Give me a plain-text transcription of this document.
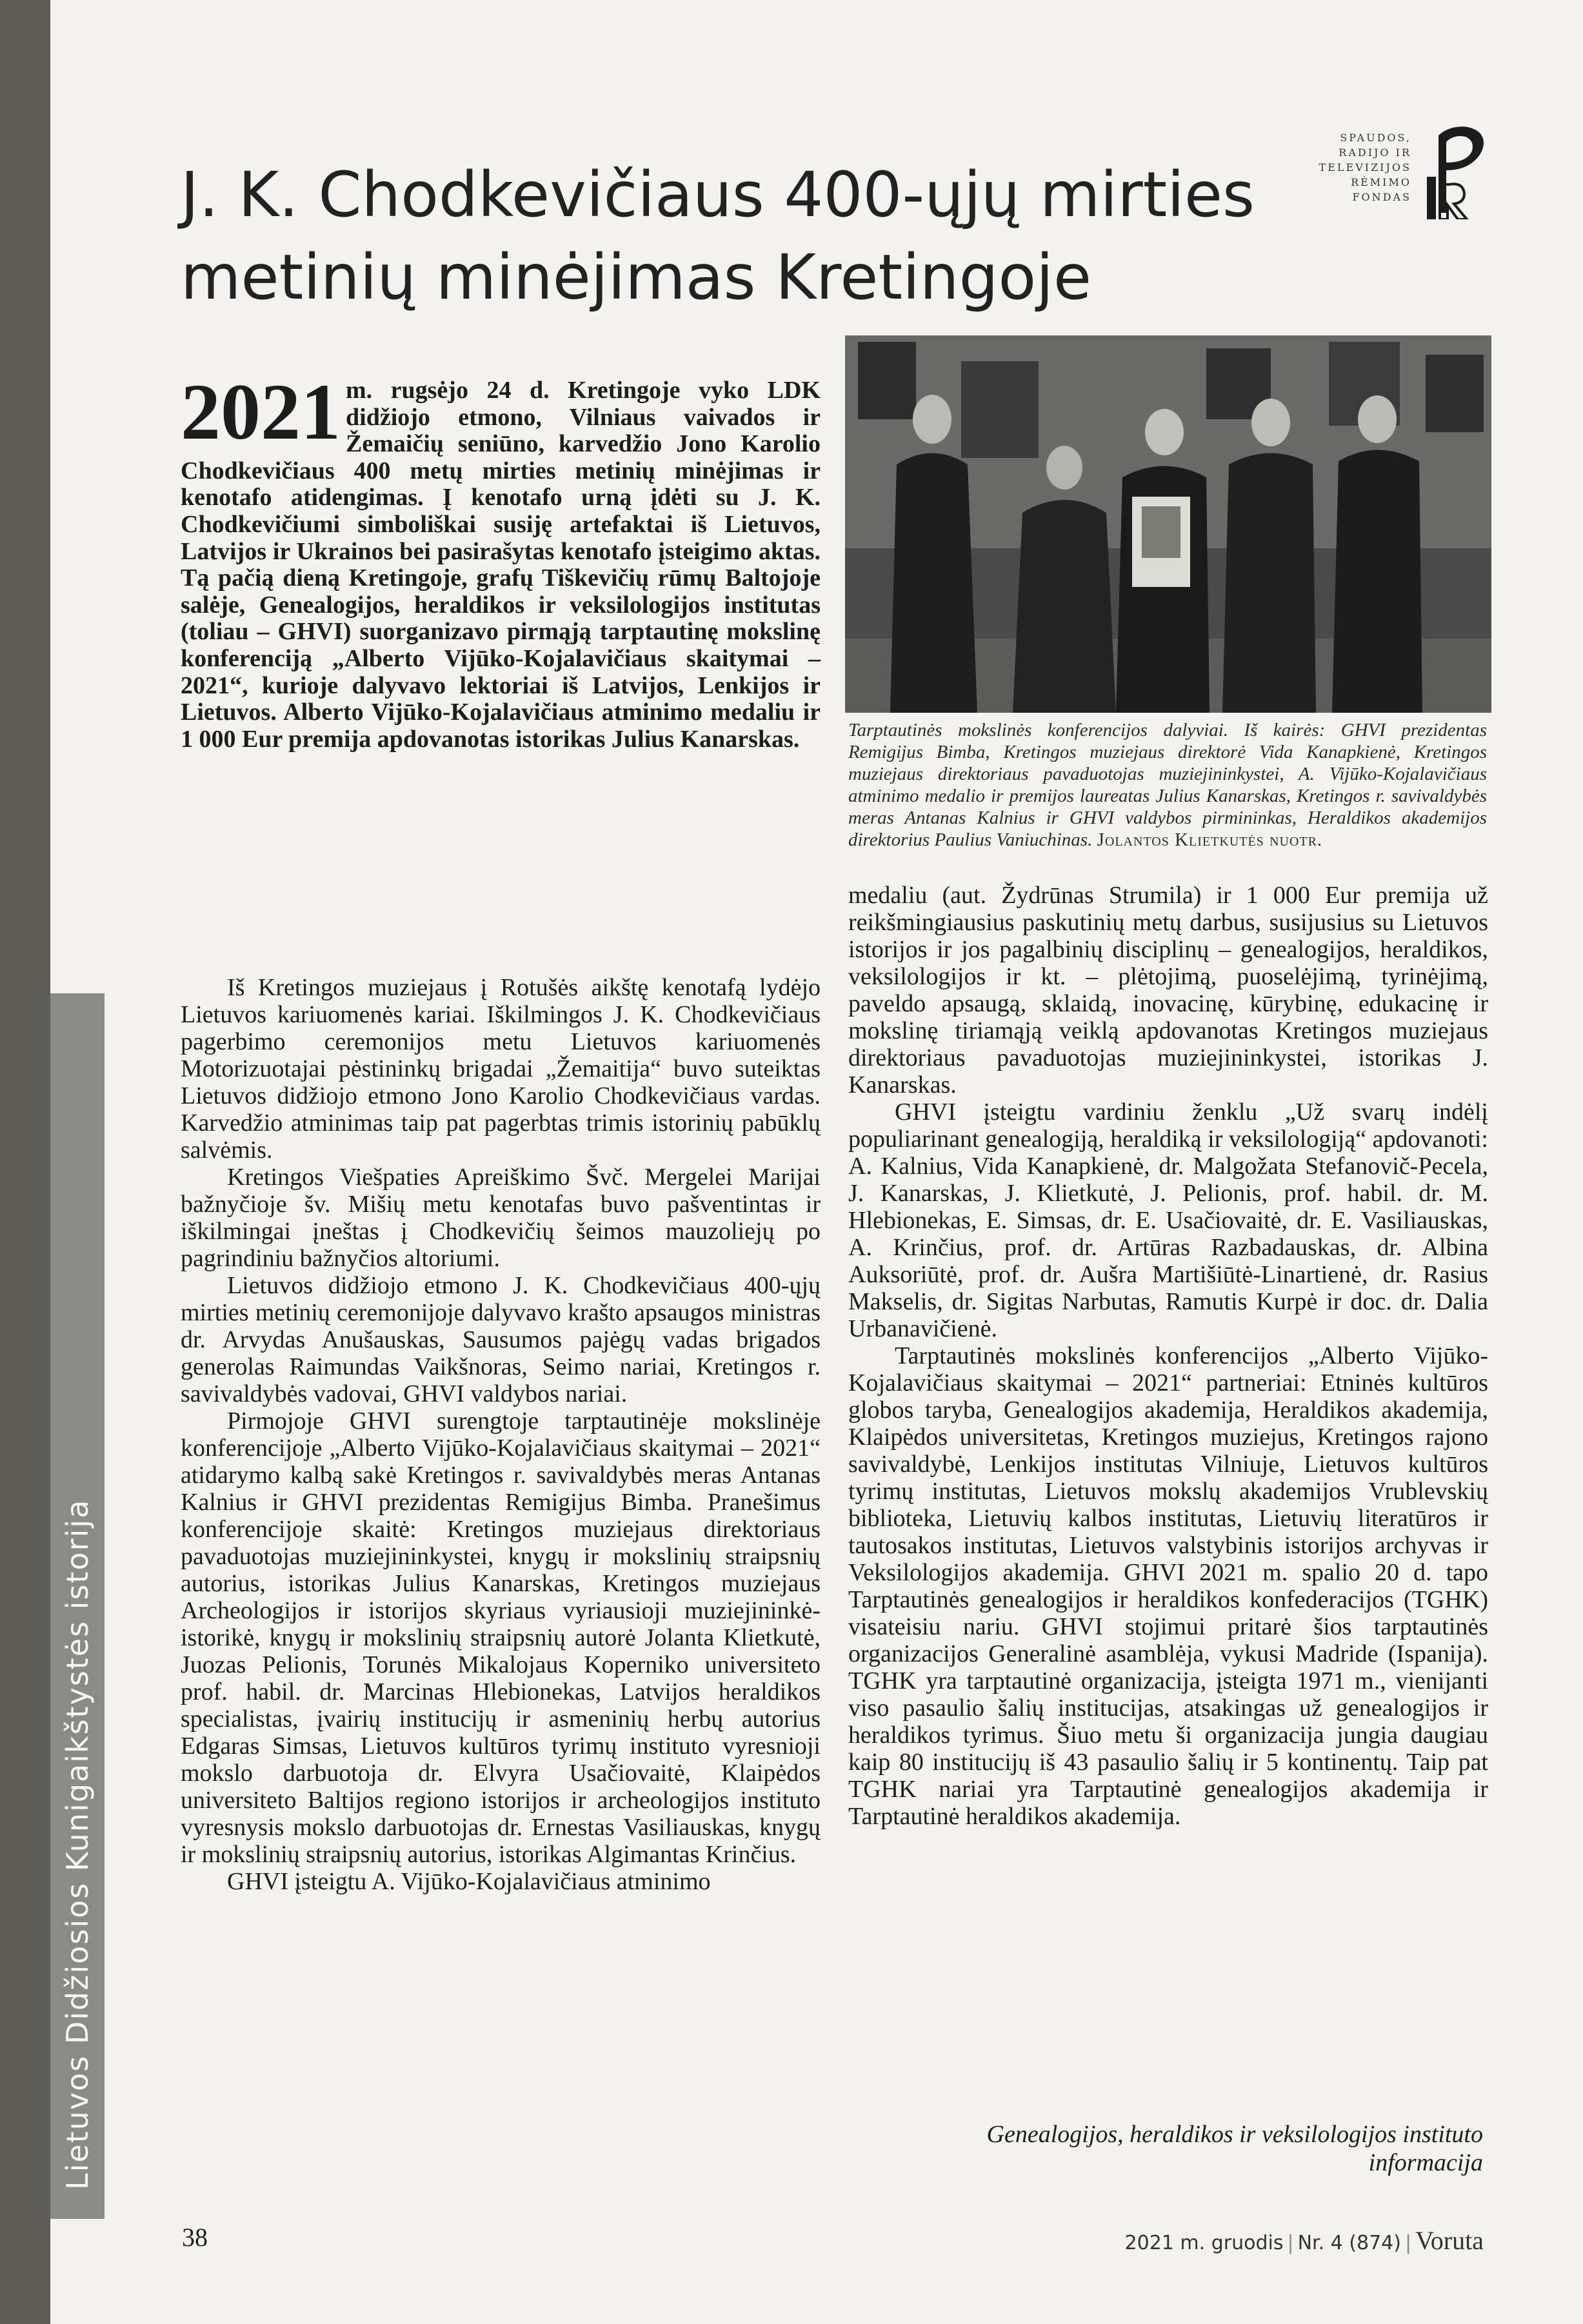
Lietuvos Didžiosios Kunigaikštystės istorija
J. K. Chodkevičiaus 400-ųjų mirties
metinių minėjimas Kretingoje
SPAUDOS,
RADIJO IR
TELEVIZIJOS
RĖMIMO
FONDAS
Tarptautinės mokslinės konferencijos dalyviai. Iš kairės: GHVI prezidentas Remigijus Bimba, Kretingos muziejaus direktorė Vida Kanapkienė, Kretingos muziejaus direktoriaus pavaduotojas muziejininkystei, A. Vijūko-Kojalavičiaus atminimo medalio ir premijos laureatas Julius Kanarskas, Kretingos r. savivaldybės meras Antanas Kalnius ir GHVI valdybos pirmininkas, Heraldikos akademijos direktorius Paulius Vaniuchinas. Jolantos Klietkutės nuotr.
2021 m. rugsėjo 24 d. Kretingoje vyko LDK didžiojo etmono, Vilniaus vaivados ir Žemaičių seniūno, karvedžio Jono Karolio Chodkevičiaus 400 metų mirties metinių minėjimas ir kenotafo atidengimas. Į kenotafo urną įdėti su J. K. Chodkevičiumi simboliškai susiję artefaktai iš Lietuvos, Latvijos ir Ukrainos bei pasirašytas kenotafo įsteigimo aktas. Tą pačią dieną Kretingoje, grafų Tiškevičių rūmų Baltojoje salėje, Genealogijos, heraldikos ir veksilologijos institutas (toliau – GHVI) suorganizavo pirmąją tarptautinę mokslinę konferenciją „Alberto Vijūko-Kojalavičiaus skaitymai – 2021“, kurioje dalyvavo lektoriai iš Latvijos, Lenkijos ir Lietuvos. Alberto Vijūko-Kojalavičiaus atminimo medaliu ir 1 000 Eur premija apdovanotas istorikas Julius Kanarskas.

Iš Kretingos muziejaus į Rotušės aikštę kenotafą lydėjo Lietuvos kariuomenės kariai. Iškilmingos J. K. Chodkevičiaus pagerbimo ceremonijos metu Lietuvos kariuomenės Motorizuotajai pėstininkų brigadai „Žemaitija“ buvo suteiktas Lietuvos didžiojo etmono Jono Karolio Chodkevičiaus vardas. Karvedžio atminimas taip pat pagerbtas trimis istorinių pabūklų salvėmis.

Kretingos Viešpaties Apreiškimo Švč. Mergelei Marijai bažnyčioje šv. Mišių metu kenotafas buvo pašventintas ir iškilmingai įneštas į Chodkevičių šeimos mauzoliejų po pagrindiniu bažnyčios altoriumi.

Lietuvos didžiojo etmono J. K. Chodkevičiaus 400-ųjų mirties metinių ceremonijoje dalyvavo krašto apsaugos ministras dr. Arvydas Anušauskas, Sausumos pajėgų vadas brigados generolas Raimundas Vaikšnoras, Seimo nariai, Kretingos r. savivaldybės vadovai, GHVI valdybos nariai.

Pirmojoje GHVI surengtoje tarptautinėje mokslinėje konferencijoje „Alberto Vijūko-Kojalavičiaus skaitymai – 2021“ atidarymo kalbą sakė Kretingos r. savivaldybės meras Antanas Kalnius ir GHVI prezidentas Remigijus Bimba. Pranešimus konferencijoje skaitė: Kretingos muziejaus direktoriaus pavaduotojas muziejininkystei, knygų ir mokslinių straipsnių autorius, istorikas Julius Kanarskas, Kretingos muziejaus Archeologijos ir istorijos skyriaus vyriausioji muziejininkė-istorikė, knygų ir mokslinių straipsnių autorė Jolanta Klietkutė, Juozas Pelionis, Torunės Mikalojaus Koperniko universiteto prof. habil. dr. Marcinas Hlebionekas, Latvijos heraldikos specialistas, įvairių institucijų ir asmeninių herbų autorius Edgaras Simsas, Lietuvos kultūros tyrimų instituto vyresnioji mokslo darbuotoja dr. Elvyra Usačiovaitė, Klaipėdos universiteto Baltijos regiono istorijos ir archeologijos instituto vyresnysis mokslo darbuotojas dr. Ernestas Vasiliauskas, knygų ir mokslinių straipsnių autorius, istorikas Algimantas Krinčius.

GHVI įsteigtu A. Vijūko-Kojalavičiaus atminimo

medaliu (aut. Žydrūnas Strumila) ir 1 000 Eur premija už reikšmingiausius paskutinių metų darbus, susijusius su Lietuvos istorijos ir jos pagalbinių disciplinų – genealogijos, heraldikos, veksilologijos ir kt. – plėtojimą, puoselėjimą, tyrinėjimą, paveldo apsaugą, sklaidą, inovacinę, kūrybinę, edukacinę ir mokslinę tiriamąją veiklą apdovanotas Kretingos muziejaus direktoriaus pavaduotojas muziejininkystei, istorikas J. Kanarskas.

GHVI įsteigtu vardiniu ženklu „Už svarų indėlį populiarinant genealogiją, heraldiką ir veksilologiją“ apdovanoti: A. Kalnius, Vida Kanapkienė, dr. Malgožata Stefanovič-Pecela, J. Kanarskas, J. Klietkutė, J. Pelionis, prof. habil. dr. M. Hlebionekas, E. Simsas, dr. E. Usačiovaitė, dr. E. Vasiliauskas, A. Krinčius, prof. dr. Artūras Razbadauskas, dr. Albina Auksoriūtė, prof. dr. Aušra Martišiūtė-Linartienė, dr. Rasius Makselis, dr. Sigitas Narbutas, Ramutis Kurpė ir doc. dr. Dalia Urbanavičienė.

Tarptautinės mokslinės konferencijos „Alberto Vijūko-Kojalavičiaus skaitymai – 2021“ partneriai: Etninės kultūros globos taryba, Genealogijos akademija, Heraldikos akademija, Klaipėdos universitetas, Kretingos muziejus, Kretingos rajono savivaldybė, Lenkijos institutas Vilniuje, Lietuvos kultūros tyrimų institutas, Lietuvos mokslų akademijos Vrublevskių biblioteka, Lietuvių kalbos institutas, Lietuvių literatūros ir tautosakos institutas, Lietuvos valstybinis istorijos archyvas ir Veksilologijos akademija. GHVI 2021 m. spalio 20 d. tapo Tarptautinės genealogijos ir heraldikos konfederacijos (TGHK) visateisiu nariu. GHVI stojimui pritarė šios tarptautinės organizacijos Generalinė asamblėja, vykusi Madride (Ispanija). TGHK yra tarptautinė organizacija, įsteigta 1971 m., vienijanti viso pasaulio šalių institucijas, atsakingas už genealogijos ir heraldikos tyrimus. Šiuo metu ši organizacija jungia daugiau kaip 80 institucijų iš 43 pasaulio šalių ir 5 kontinentų. Taip pat TGHK nariai yra Tarptautinė genealogijos akademija ir Tarptautinė heraldikos akademija.

Genealogijos, heraldikos ir veksilologijos instituto
informacija
38	2021 m. gruodis | Nr. 4 (874) | Voruta
